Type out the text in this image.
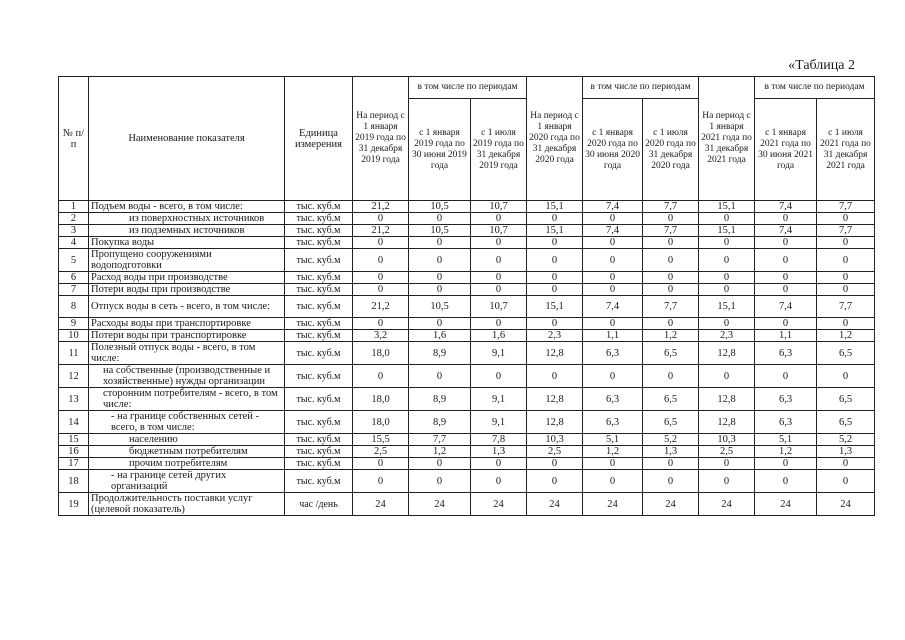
«Таблица 2
№ п/п	Наименование показателя	Единица измерения	На период с 1 января 2019 года по 31 декабря 2019 года	в том числе по периодам		На период с 1 января 2020 года по 31 декабря 2020 года	в том числе по периодам		На период с 1 января 2021 года по 31 декабря 2021 года	в том числе по периодам	
				с 1 января 2019 года по 30 июня 2019 года	с 1 июля 2019 года по 31 декабря 2019 года		с 1 января 2020 года по 30 июня 2020 года	с 1 июля 2020 года по 31 декабря 2020 года		с 1 января 2021 года по 30 июня 2021 года	с 1 июля 2021 года по 31 декабря 2021 года
1	Подъем воды - всего, в том числе:	тыс. куб.м	21,2	10,5	10,7	15,1	7,4	7,7	15,1	7,4	7,7
2	из поверхностных источников	тыс. куб.м	0	0	0	0	0	0	0	0	0
3	из подземных источников	тыс. куб.м	21,2	10,5	10,7	15,1	7,4	7,7	15,1	7,4	7,7
4	Покупка воды	тыс. куб.м	0	0	0	0	0	0	0	0	0
5	Пропущено сооружениями водоподготовки	тыс. куб.м	0	0	0	0	0	0	0	0	0
6	Расход воды при производстве	тыс. куб.м	0	0	0	0	0	0	0	0	0
7	Потери воды при производстве	тыс. куб.м	0	0	0	0	0	0	0	0	0
8	Отпуск воды в сеть - всего, в том числе:	тыс. куб.м	21,2	10,5	10,7	15,1	7,4	7,7	15,1	7,4	7,7
9	Расходы воды при транспортировке	тыс. куб.м	0	0	0	0	0	0	0	0	0
10	Потери воды при транспортировке	тыс. куб.м	3,2	1,6	1,6	2,3	1,1	1,2	2,3	1,1	1,2
11	Полезный отпуск воды - всего, в том числе:	тыс. куб.м	18,0	8,9	9,1	12,8	6,3	6,5	12,8	6,3	6,5
12	на собственные (производственные и хозяйственные) нужды организации	тыс. куб.м	0	0	0	0	0	0	0	0	0
13	сторонним потребителям - всего, в том числе:	тыс. куб.м	18,0	8,9	9,1	12,8	6,3	6,5	12,8	6,3	6,5
14	- на границе собственных сетей - всего, в том числе:	тыс. куб.м	18,0	8,9	9,1	12,8	6,3	6,5	12,8	6,3	6,5
15	населению	тыс. куб.м	15,5	7,7	7,8	10,3	5,1	5,2	10,3	5,1	5,2
16	бюджетным потребителям	тыс. куб.м	2,5	1,2	1,3	2,5	1,2	1,3	2,5	1,2	1,3
17	прочим потребителям	тыс. куб.м	0	0	0	0	0	0	0	0	0
18	- на границе сетей других организаций	тыс. куб.м	0	0	0	0	0	0	0	0	0
19	Продолжительность поставки услуг (целевой показатель)	час /день	24	24	24	24	24	24	24	24	24
